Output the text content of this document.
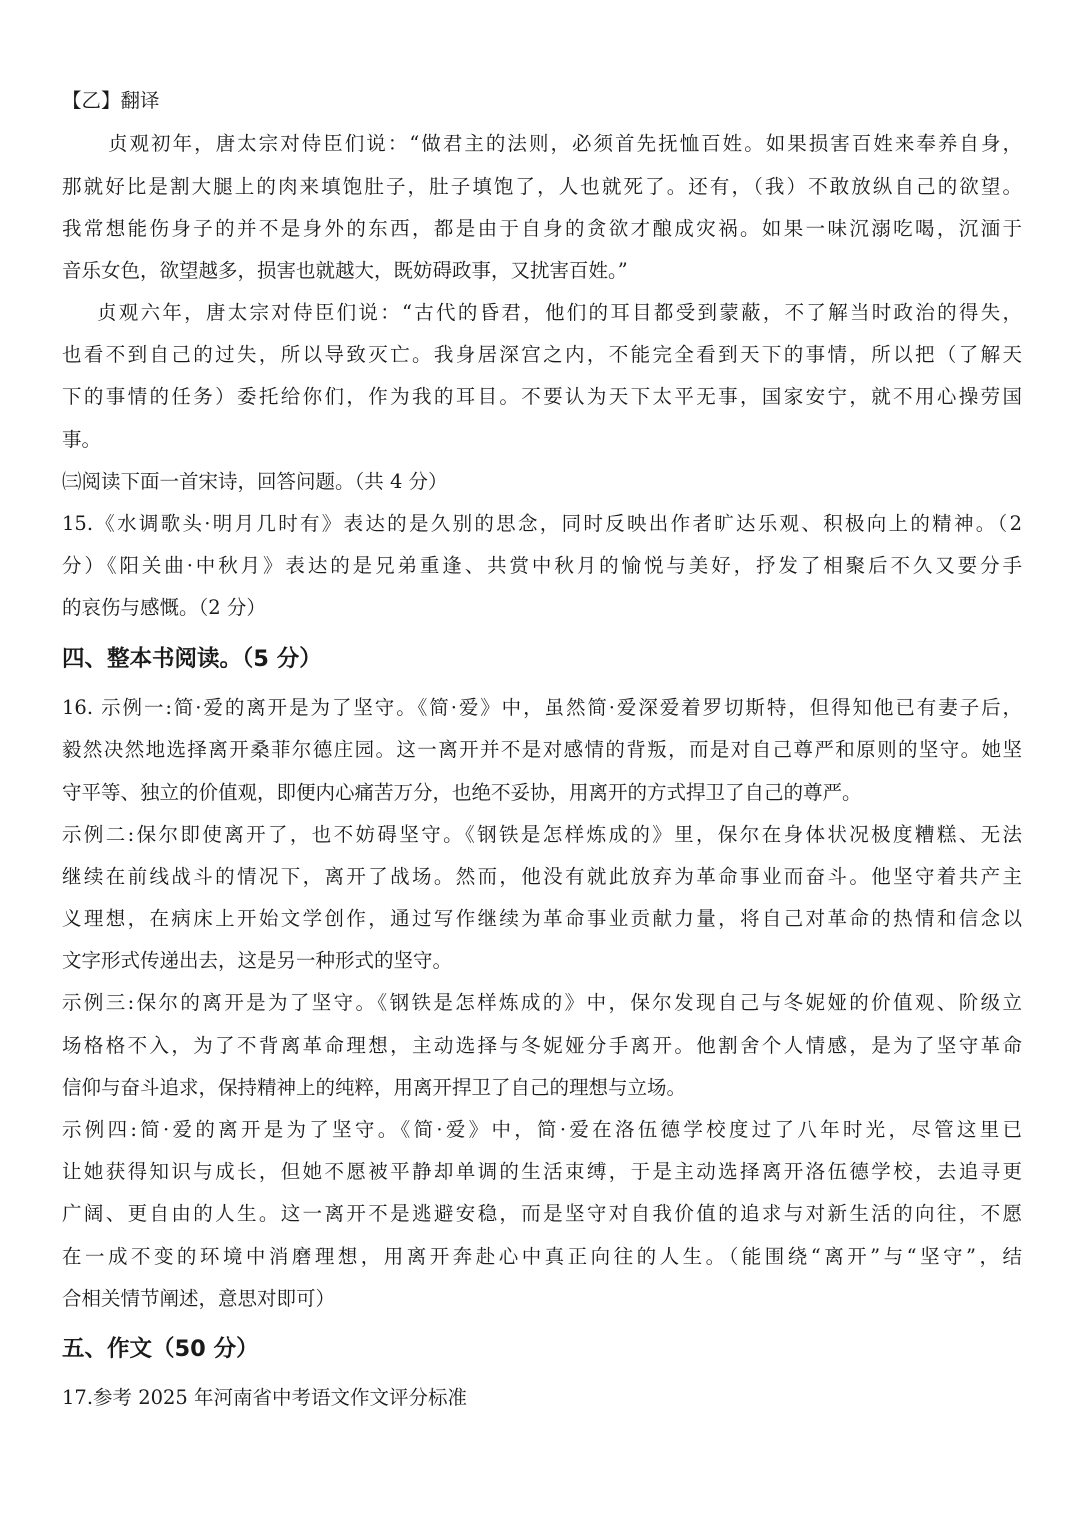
【乙】翻译
贞观初年，唐太宗对侍臣们说：“做君主的法则，必须首先抚恤百姓。如果损害百姓来奉养自身，
那就好比是割大腿上的肉来填饱肚子，肚子填饱了，人也就死了。还有，（我）不敢放纵自己的欲望。
我常想能伤身子的并不是身外的东西，都是由于自身的贪欲才酿成灾祸。如果一味沉溺吃喝，沉湎于
音乐女色，欲望越多，损害也就越大，既妨碍政事，又扰害百姓。”
贞观六年，唐太宗对侍臣们说：“古代的昏君，他们的耳目都受到蒙蔽，不了解当时政治的得失，
也看不到自己的过失，所以导致灭亡。我身居深宫之内，不能完全看到天下的事情，所以把（了解天
下的事情的任务）委托给你们，作为我的耳目。不要认为天下太平无事，国家安宁，就不用心操劳国
事。
㈢阅读下面一首宋诗，回答问题。（共 4 分）
15.《水调歌头·明月几时有》表达的是久别的思念，同时反映出作者旷达乐观、积极向上的精神。（2
分）《阳关曲·中秋月》表达的是兄弟重逢、共赏中秋月的愉悦与美好，抒发了相聚后不久又要分手
的哀伤与感慨。（2 分）
四、整本书阅读。（5 分）
16. 示例一:简·爱的离开是为了坚守。《简·爱》中，虽然简·爱深爱着罗切斯特，但得知他已有妻子后，
毅然决然地选择离开桑菲尔德庄园。这一离开并不是对感情的背叛，而是对自己尊严和原则的坚守。她坚
守平等、独立的价值观，即便内心痛苦万分，也绝不妥协，用离开的方式捍卫了自己的尊严。
示例二:保尔即使离开了，也不妨碍坚守。《钢铁是怎样炼成的》里，保尔在身体状况极度糟糕、无法
继续在前线战斗的情况下，离开了战场。然而，他没有就此放弃为革命事业而奋斗。他坚守着共产主
义理想，在病床上开始文学创作，通过写作继续为革命事业贡献力量，将自己对革命的热情和信念以
文字形式传递出去，这是另一种形式的坚守。
示例三:保尔的离开是为了坚守。《钢铁是怎样炼成的》中，保尔发现自己与冬妮娅的价值观、阶级立
场格格不入，为了不背离革命理想，主动选择与冬妮娅分手离开。他割舍个人情感，是为了坚守革命
信仰与奋斗追求，保持精神上的纯粹，用离开捍卫了自己的理想与立场。
示例四:简·爱的离开是为了坚守。《简·爱》中，简·爱在洛伍德学校度过了八年时光，尽管这里已
让她获得知识与成长，但她不愿被平静却单调的生活束缚，于是主动选择离开洛伍德学校，去追寻更
广阔、更自由的人生。这一离开不是逃避安稳，而是坚守对自我价值的追求与对新生活的向往，不愿
在一成不变的环境中消磨理想，用离开奔赴心中真正向往的人生。（能围绕“离开”与“坚守”，结
合相关情节阐述，意思对即可）
五、作文（50 分）
17.参考 2025 年河南省中考语文作文评分标准
